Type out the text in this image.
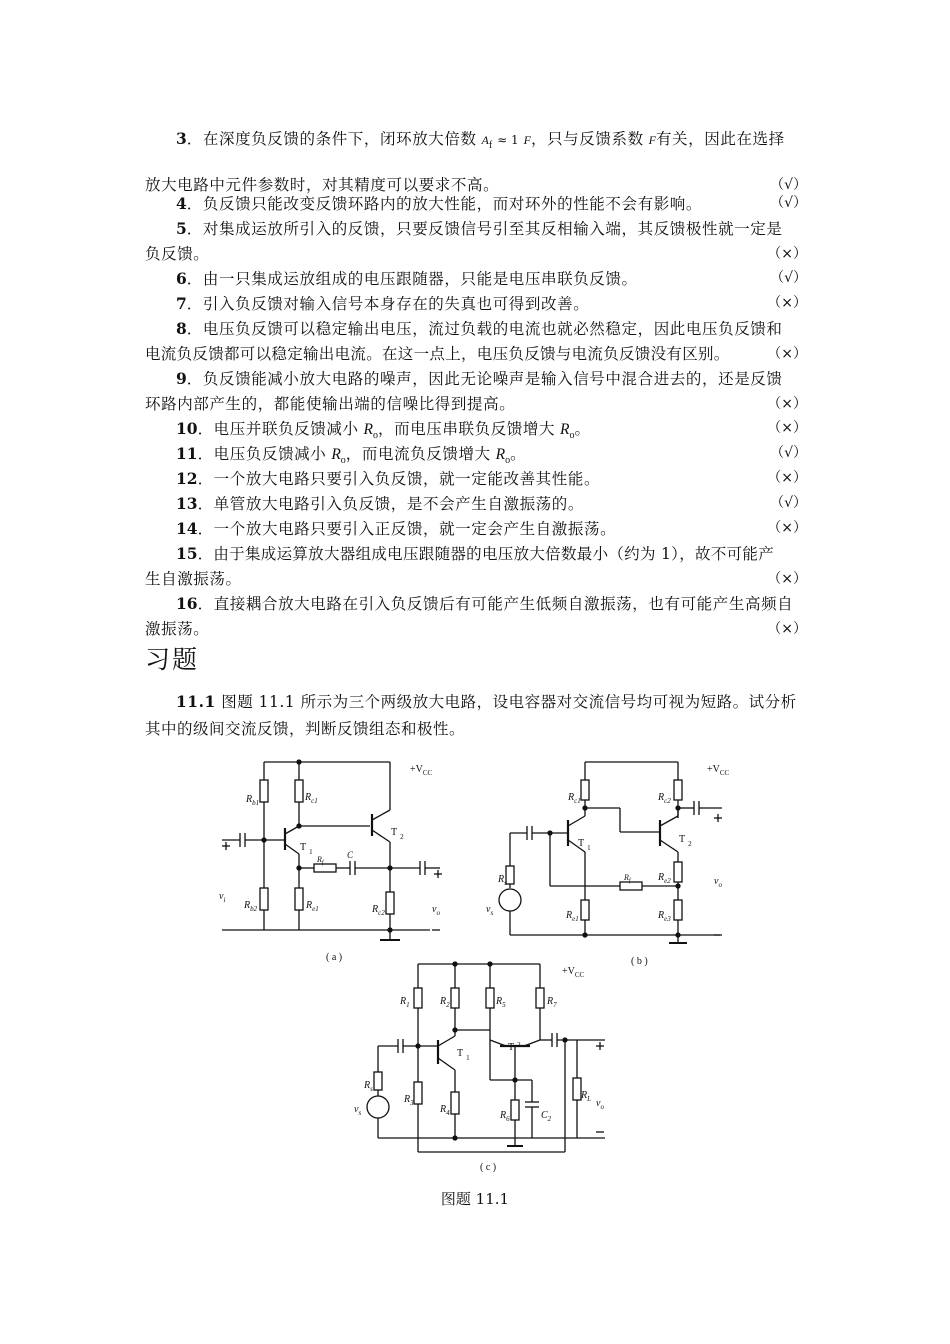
3．在深度负反馈的条件下，闭环放大倍数 $A_f \approx 1$ F，只与反馈系数 F有关，因此在选择
放大电路中元件参数时，对其精度可以要求不高。	（√）
4．负反馈只能改变反馈环路内的放大性能，而对环外的性能不会有影响。	（√）
5．对集成运放所引入的反馈，只要反馈信号引至其反相输入端，其反馈极性就一定是
负反馈。	（×）
6．由一只集成运放组成的电压跟随器，只能是电压串联负反馈。	（√）
7．引入负反馈对输入信号本身存在的失真也可得到改善。	（×）
8．电压负反馈可以稳定输出电压，流过负载的电流也就必然稳定，因此电压负反馈和
电流负反馈都可以稳定输出电流。在这一点上，电压负反馈与电流负反馈没有区别。	（×）
9．负反馈能减小放大电路的噪声，因此无论噪声是输入信号中混合进去的，还是反馈
环路内部产生的，都能使输出端的信噪比得到提高。	（×）
10．电压并联负反馈减小 $R_o$，而电压串联负反馈增大 $R_o$。	（×）
11．电压负反馈减小 $R_o$，而电流负反馈增大 $R_o$。	（√）
12．一个放大电路只要引入负反馈，就一定能改善其性能。	（×）
13．单管放大电路引入负反馈，是不会产生自激振荡的。	（√）
14．一个放大电路只要引入正反馈，就一定会产生自激振荡。	（×）
15．由于集成运算放大器组成电压跟随器的电压放大倍数最小（约为 1），故不可能产
生自激振荡。	（×）
16．直接耦合放大电路在引入负反馈后有可能产生低频自激振荡，也有可能产生高频自
激振荡。	（×）
习题
11.1 图题 11.1 所示为三个两级放大电路，设电容器对交流信号均可视为短路。试分析
其中的级间交流反馈，判断反馈组态和极性。
$+V_{CC}$
$R_{b1}$	$R_{c1}$
T $_2$
T $_1$
$R_f$
C
$v_i$ $R_{b2}$	$R_{e1}$	$R_{c2}$	$v_o$
( a )
$+V_{CC}$
$R_{c1}$	$R_{c2}$
T $_1$
T $_2$
$R_s$
$v_s$
$R_f$
$R_{e1}$
$R_{e2}$
$R_{e3}$
$v_o$
( b )
$+V_{CC}$
$R_1$	$R_2$	$R_5$	$R_7$
T $_1$
T $^2$
$R_s$
$v_s$
$R_3$
$R_4$	$R_6$	$C_2$
$R_L$ $v_o$
( c )
图题 11.1
